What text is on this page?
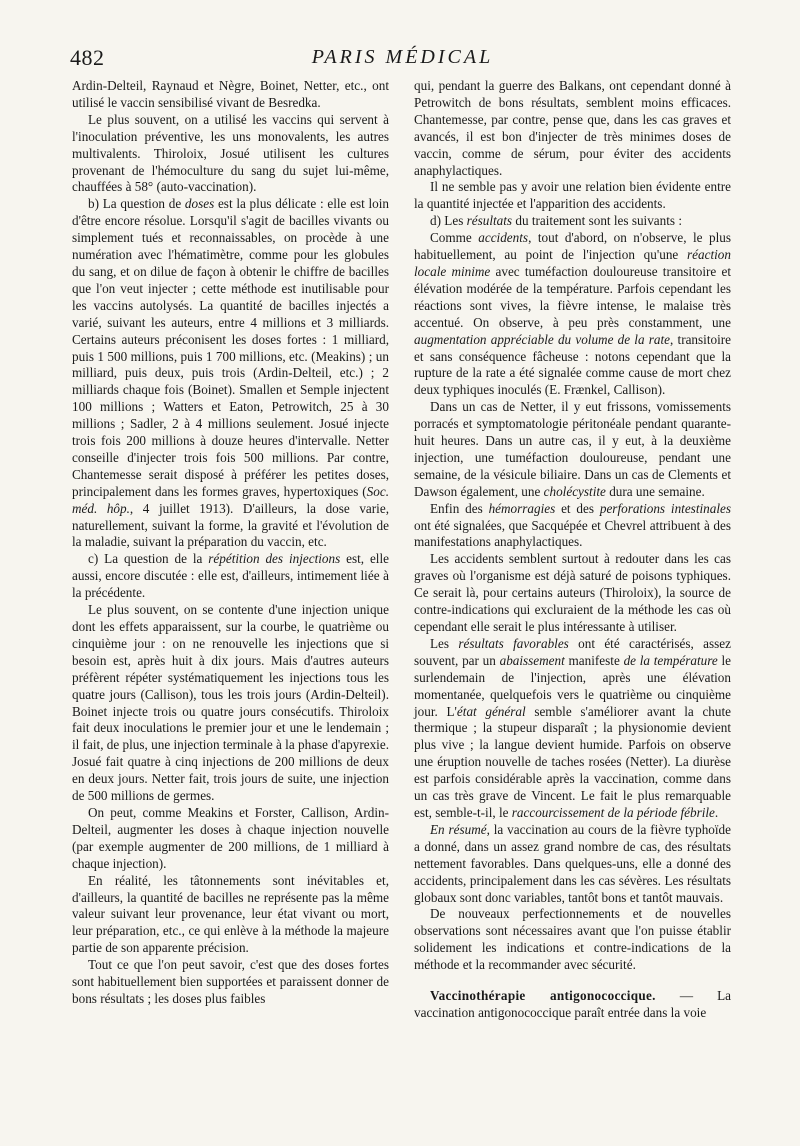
482	PARIS MÉDICAL

Ardin-Delteil, Raynaud et Nègre, Boinet, Netter, etc., ont utilisé le vaccin sensibilisé vivant de Besredka.

Le plus souvent, on a utilisé les vaccins qui servent à l'inoculation préventive, les uns monovalents, les autres multivalents. Thiroloix, Josué utilisent les cultures provenant de l'hémoculture du sang du sujet lui-même, chauffées à 58° (auto-vaccination).

b) La question de doses est la plus délicate : elle est loin d'être encore résolue. Lorsqu'il s'agit de bacilles vivants ou simplement tués et reconnaissables, on procède à une numération avec l'hématimètre, comme pour les globules du sang, et on dilue de façon à obtenir le chiffre de bacilles que l'on veut injecter ; cette méthode est inutilisable pour les vaccins autolysés. La quantité de bacilles injectés a varié, suivant les auteurs, entre 4 millions et 3 milliards. Certains auteurs préconisent les doses fortes : 1 milliard, puis 1 500 millions, puis 1 700 millions, etc. (Meakins) ; un milliard, puis deux, puis trois (Ardin-Delteil, etc.) ; 2 milliards chaque fois (Boinet). Smallen et Semple injectent 100 millions ; Watters et Eaton, Petrowitch, 25 à 30 millions ; Sadler, 2 à 4 millions seulement. Josué injecte trois fois 200 millions à douze heures d'intervalle. Netter conseille d'injecter trois fois 500 millions. Par contre, Chantemesse serait disposé à préférer les petites doses, principalement dans les formes graves, hypertoxiques (Soc. méd. hôp., 4 juillet 1913). D'ailleurs, la dose varie, naturellement, suivant la forme, la gravité et l'évolution de la maladie, suivant la préparation du vaccin, etc.

c) La question de la répétition des injections est, elle aussi, encore discutée : elle est, d'ailleurs, intimement liée à la précédente.

Le plus souvent, on se contente d'une injection unique dont les effets apparaissent, sur la courbe, le quatrième ou cinquième jour : on ne renouvelle les injections que si besoin est, après huit à dix jours. Mais d'autres auteurs préfèrent répéter systématiquement les injections tous les quatre jours (Callison), tous les trois jours (Ardin-Delteil). Boinet injecte trois ou quatre jours consécutifs. Thiroloix fait deux inoculations le premier jour et une le lendemain ; il fait, de plus, une injection terminale à la phase d'apyrexie. Josué fait quatre à cinq injections de 200 millions de deux en deux jours. Netter fait, trois jours de suite, une injection de 500 millions de germes.

On peut, comme Meakins et Forster, Callison, Ardin-Delteil, augmenter les doses à chaque injection nouvelle (par exemple augmenter de 200 millions, de 1 milliard à chaque injection).

En réalité, les tâtonnements sont inévitables et, d'ailleurs, la quantité de bacilles ne représente pas la même valeur suivant leur provenance, leur état vivant ou mort, leur préparation, etc., ce qui enlève à la méthode la majeure partie de son apparente précision.

Tout ce que l'on peut savoir, c'est que des doses fortes sont habituellement bien supportées et paraissent donner de bons résultats ; les doses plus faibles

qui, pendant la guerre des Balkans, ont cependant donné à Petrowitch de bons résultats, semblent moins efficaces. Chantemesse, par contre, pense que, dans les cas graves et avancés, il est bon d'injecter de très minimes doses de vaccin, comme de sérum, pour éviter des accidents anaphylactiques.

Il ne semble pas y avoir une relation bien évidente entre la quantité injectée et l'apparition des accidents.

d) Les résultats du traitement sont les suivants :

Comme accidents, tout d'abord, on n'observe, le plus habituellement, au point de l'injection qu'une réaction locale minime avec tuméfaction douloureuse transitoire et élévation modérée de la température. Parfois cependant les réactions sont vives, la fièvre intense, le malaise très accentué. On observe, à peu près constamment, une augmentation appréciable du volume de la rate, transitoire et sans conséquence fâcheuse : notons cependant que la rupture de la rate a été signalée comme cause de mort chez deux typhiques inoculés (E. Frænkel, Callison).

Dans un cas de Netter, il y eut frissons, vomissements porracés et symptomatologie péritonéale pendant quarante-huit heures. Dans un autre cas, il y eut, à la deuxième injection, une tuméfaction douloureuse, pendant une semaine, de la vésicule biliaire. Dans un cas de Clements et Dawson également, une cholécystite dura une semaine.

Enfin des hémorragies et des perforations intestinales ont été signalées, que Sacquépée et Chevrel attribuent à des manifestations anaphylactiques.

Les accidents semblent surtout à redouter dans les cas graves où l'organisme est déjà saturé de poisons typhiques. Ce serait là, pour certains auteurs (Thiroloix), la source de contre-indications qui excluraient de la méthode les cas où cependant elle serait le plus intéressante à utiliser.

Les résultats favorables ont été caractérisés, assez souvent, par un abaissement manifeste de la température le surlendemain de l'injection, après une élévation momentanée, quelquefois vers le quatrième ou cinquième jour. L'état général semble s'améliorer avant la chute thermique ; la stupeur disparaît ; la physionomie devient plus vive ; la langue devient humide. Parfois on observe une éruption nouvelle de taches rosées (Netter). La diurèse est parfois considérable après la vaccination, comme dans un cas très grave de Vincent. Le fait le plus remarquable est, semble-t-il, le raccourcissement de la période fébrile.

En résumé, la vaccination au cours de la fièvre typhoïde a donné, dans un assez grand nombre de cas, des résultats nettement favorables. Dans quelques-uns, elle a donné des accidents, principalement dans les cas sévères. Les résultats globaux sont donc variables, tantôt bons et tantôt mauvais.

De nouveaux perfectionnements et de nouvelles observations sont nécessaires avant que l'on puisse établir solidement les indications et contre-indications de la méthode et la recommander avec sécurité.

Vaccinothérapie antigonococcique. — La vaccination antigonococcique paraît entrée dans la voie
